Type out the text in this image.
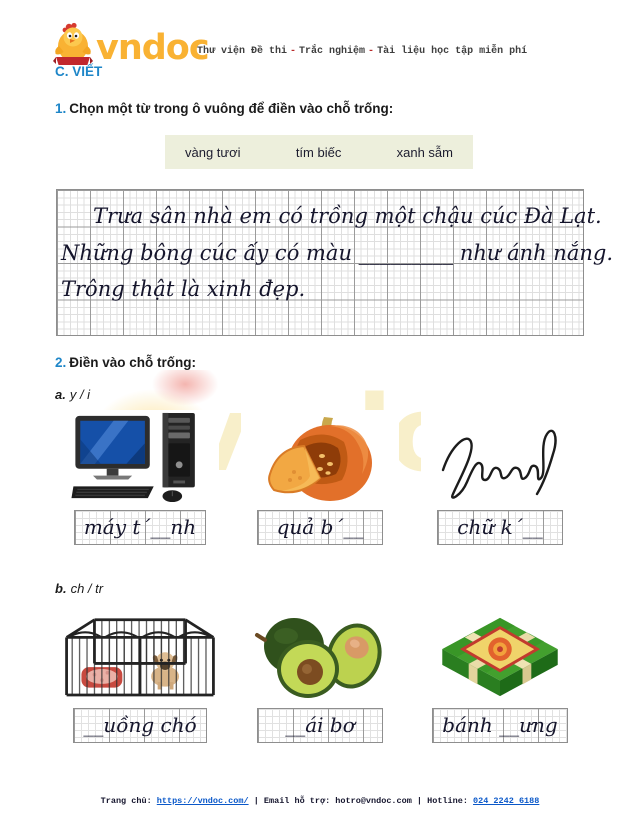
vndoc
Thư viện Đề thi - Trắc nghiệm - Tài liệu học tập miễn phí
C. VIẾT
1. Chọn một từ trong ô vuông để điền vào chỗ trống:
vàng tươi	tím biếc	xanh sẫm
Trưa sân nhà em có trồng một chậu cúc Đà Lạt.
Những bông cúc ấy có màu _________ như ánh nắng.
Trông thật là xinh đẹp.
2. Điền vào chỗ trống:
a. y / i
máy t´__nh	quả b´__	chữ k´__
b. ch / tr
__uồng chó	__ái bơ	bánh __ưng
Trang chủ: https://vndoc.com/ | Email hỗ trợ: hotro@vndoc.com | Hotline: 024 2242 6188
